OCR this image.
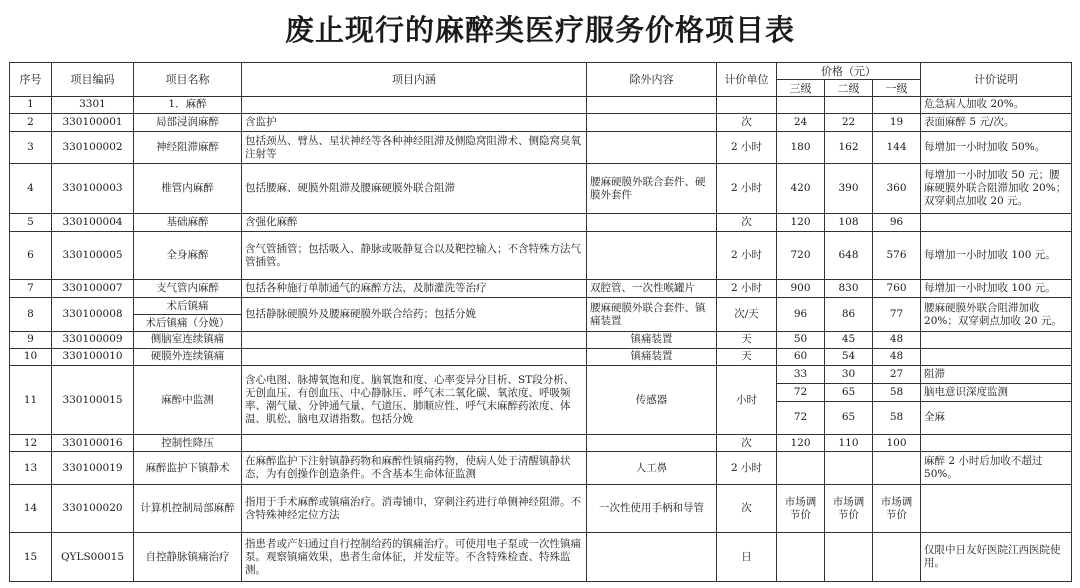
废止现行的麻醉类医疗服务价格项目表
序号	项目编码	项目名称	项目内涵	除外内容	计价单位	价格（元）			计价说明
						三级	二级	一级	
1	3301	1．麻醉							危急病人加收 20%。
2	330100001	局部浸润麻醉	含监护		次	24	22	19	表面麻醉 5 元/次。
3	330100002	神经阻滞麻醉	包括颈丛、臂丛、星状神经等各种神经阻滞及侧隐窝阻滞术、侧隐窝臭氧注射等		2 小时	180	162	144	每增加一小时加收 50%。
4	330100003	椎管内麻醉	包括腰麻、硬膜外阻滞及腰麻硬膜外联合阻滞	腰麻硬膜外联合套件、硬膜外套件	2 小时	420	390	360	每增加一小时加收 50 元；腰麻硬膜外联合阻滞加收 20%；双穿刺点加收 20 元。
5	330100004	基础麻醉	含强化麻醉		次	120	108	96	
6	330100005	全身麻醉	含气管插管；包括吸入、静脉或吸静复合以及靶控输入；不含特殊方法气管插管。		2 小时	720	648	576	每增加一小时加收 100 元。
7	330100007	支气管内麻醉	包括各种施行单肺通气的麻醉方法，及肺灌洗等治疗	双腔管、一次性喉罐片	2 小时	900	830	760	每增加一小时加收 100 元。
8	330100008	术后镇痛	包括静脉硬膜外及腰麻硬膜外联合给药；包括分娩	腰麻硬膜外联合套件、镇痛装置	次/天	96	86	77	腰麻硬膜外联合阻滞加收 20%；双穿刺点加收 20 元。
		术后镇痛（分娩）							
9	330100009	侧脑室连续镇痛		镇痛装置	天	50	45	48	
10	330100010	硬膜外连续镇痛		镇痛装置	天	60	54	48	
11	330100015	麻醉中监测	含心电图、脉搏氧饱和度、脑氧饱和度、心率变异分目析、ST段分析、无创血压、有创血压、中心静脉压、呼气末二氧化碳、氧浓度、呼吸频率、潮气量、分钟通气量、气道压、肺顺应性、呼气末麻醉药浓度、体温、肌松、脑电双谱指数。包括分娩	传感器	小时	33	30	27	阻滞
						72	65	58	脑电意识深度监测
						72	65	58	全麻
12	330100016	控制性降压			次	120	110	100	
13	330100019	麻醉监护下镇静术	在麻醉监护下注射镇静药物和麻醉性镇痛药物，使病人处于清醒镇静状态，为有创操作创造条件。不含基本生命体征监测	人工鼻	2 小时				麻醉 2 小时后加收不超过 50%。
14	330100020	计算机控制局部麻醉	指用于手术麻醉或镇痛治疗。消毒铺巾，穿刺注药进行单侧神经阻滞。不含特殊神经定位方法	一次性使用手柄和导管	次	市场调节价	市场调节价	市场调节价	
15	QYLS00015	自控静脉镇痛治疗	指患者或产妇通过自行控制给药的镇痛治疗。可使用电子泵或一次性镇痛泵。观察镇痛效果，患者生命体征，并发症等。不含特殊检查、特殊监测。		日				仅限中日友好医院江西医院使用。
